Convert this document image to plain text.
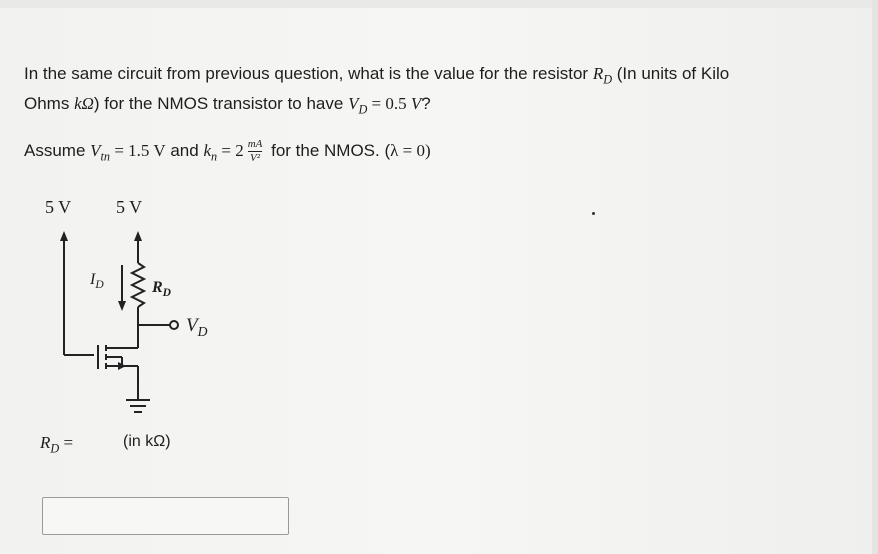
In the same circuit from previous question, what is the value for the resistor $R_D$ (In units of Kilo
Ohms kΩ) for the NMOS transistor to have $V_D = 0.5$ V?
Assume $V_{tn} = 1.5$ V and $k_n = 2 \frac{mA}{\text{V²}}$ for the NMOS. (λ = 0)
5 V 5 V
$I_D$	$R_D$
$V_D$
$R_D$ =	(in kΩ)
